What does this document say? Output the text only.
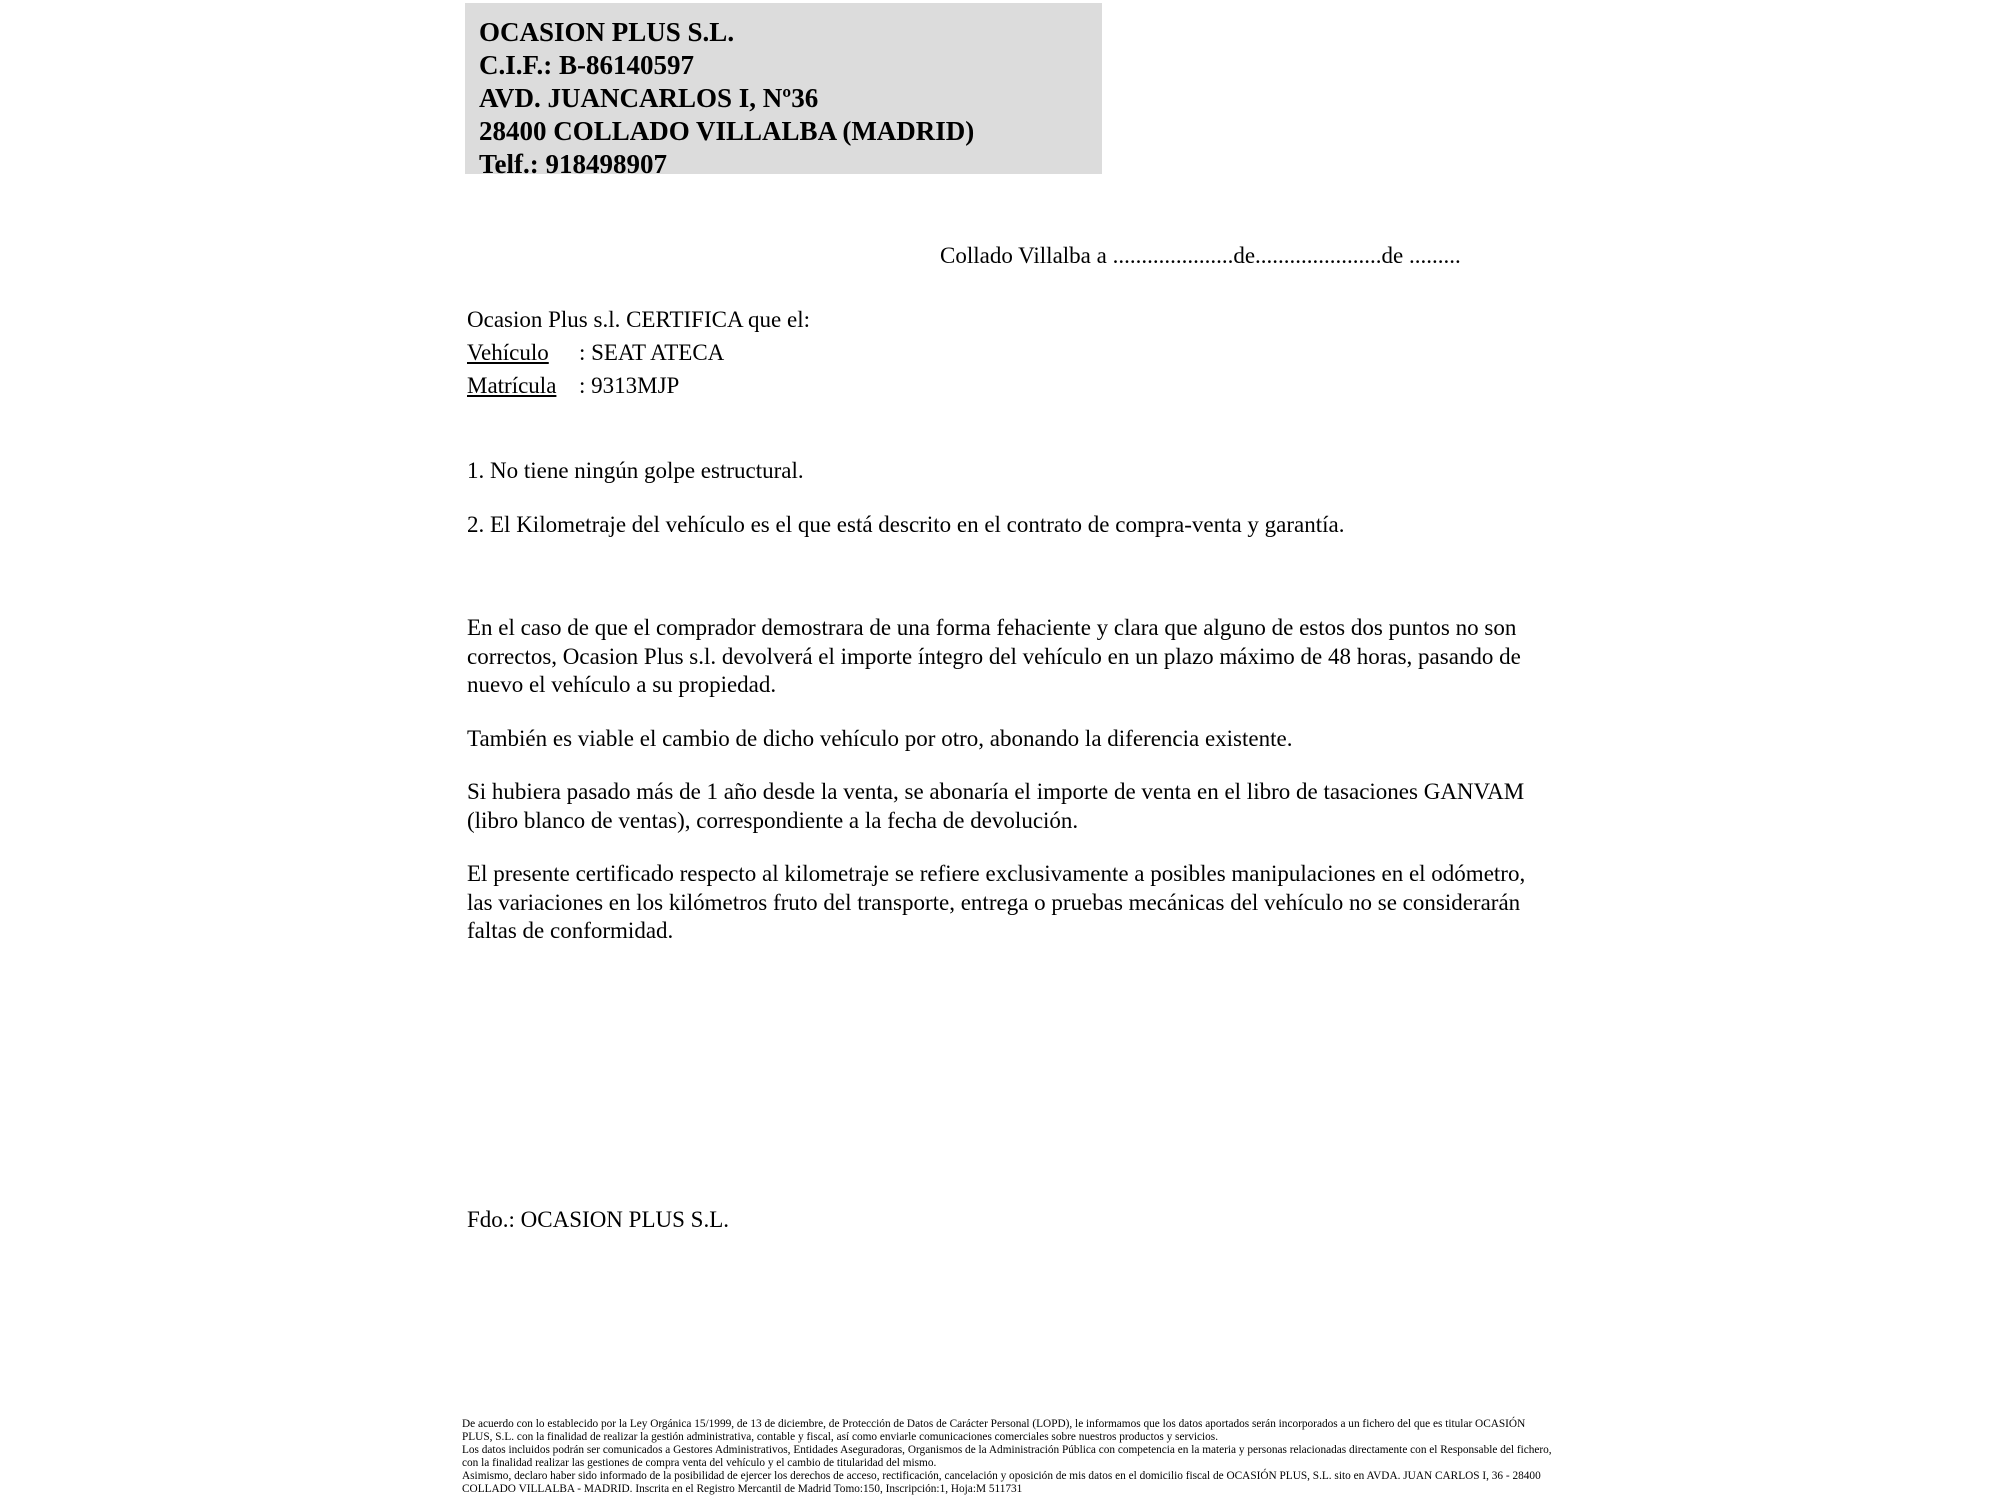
OCASION PLUS S.L.
C.I.F.: B-86140597
AVD. JUANCARLOS I, Nº36
28400 COLLADO VILLALBA (MADRID)
Telf.: 918498907
Collado Villalba a .....................de......................de .........
Ocasion Plus s.l. CERTIFICA que el:
Vehículo : SEAT ATECA
Matrícula : 9313MJP

1. No tiene ningún golpe estructural.

2. El Kilometraje del vehículo es el que está descrito en el contrato de compra-venta y garantía.

En el caso de que el comprador demostrara de una forma fehaciente y clara que alguno de estos dos puntos no son correctos, Ocasion Plus s.l. devolverá el importe íntegro del vehículo en un plazo máximo de 48 horas, pasando de nuevo el vehículo a su propiedad.

También es viable el cambio de dicho vehículo por otro, abonando la diferencia existente.

Si hubiera pasado más de 1 año desde la venta, se abonaría el importe de venta en el libro de tasaciones GANVAM (libro blanco de ventas), correspondiente a la fecha de devolución.

El presente certificado respecto al kilometraje se refiere exclusivamente a posibles manipulaciones en el odómetro, las variaciones en los kilómetros fruto del transporte, entrega o pruebas mecánicas del vehículo no se considerarán faltas de conformidad.

Fdo.: OCASION PLUS S.L.

De acuerdo con lo establecido por la Ley Orgánica 15/1999, de 13 de diciembre, de Protección de Datos de Carácter Personal (LOPD), le informamos que los datos aportados serán incorporados a un fichero del que es titular OCASIÓN PLUS, S.L. con la finalidad de realizar la gestión administrativa, contable y fiscal, así como enviarle comunicaciones comerciales sobre nuestros productos y servicios.

Los datos incluidos podrán ser comunicados a Gestores Administrativos, Entidades Aseguradoras, Organismos de la Administración Pública con competencia en la materia y personas relacionadas directamente con el Responsable del fichero, con la finalidad realizar las gestiones de compra venta del vehículo y el cambio de titularidad del mismo.

Asimismo, declaro haber sido informado de la posibilidad de ejercer los derechos de acceso, rectificación, cancelación y oposición de mis datos en el domicilio fiscal de OCASIÓN PLUS, S.L. sito en AVDA. JUAN CARLOS I, 36 - 28400 COLLADO VILLALBA - MADRID. Inscrita en el Registro Mercantil de Madrid Tomo:150, Inscripción:1, Hoja:M 511731
